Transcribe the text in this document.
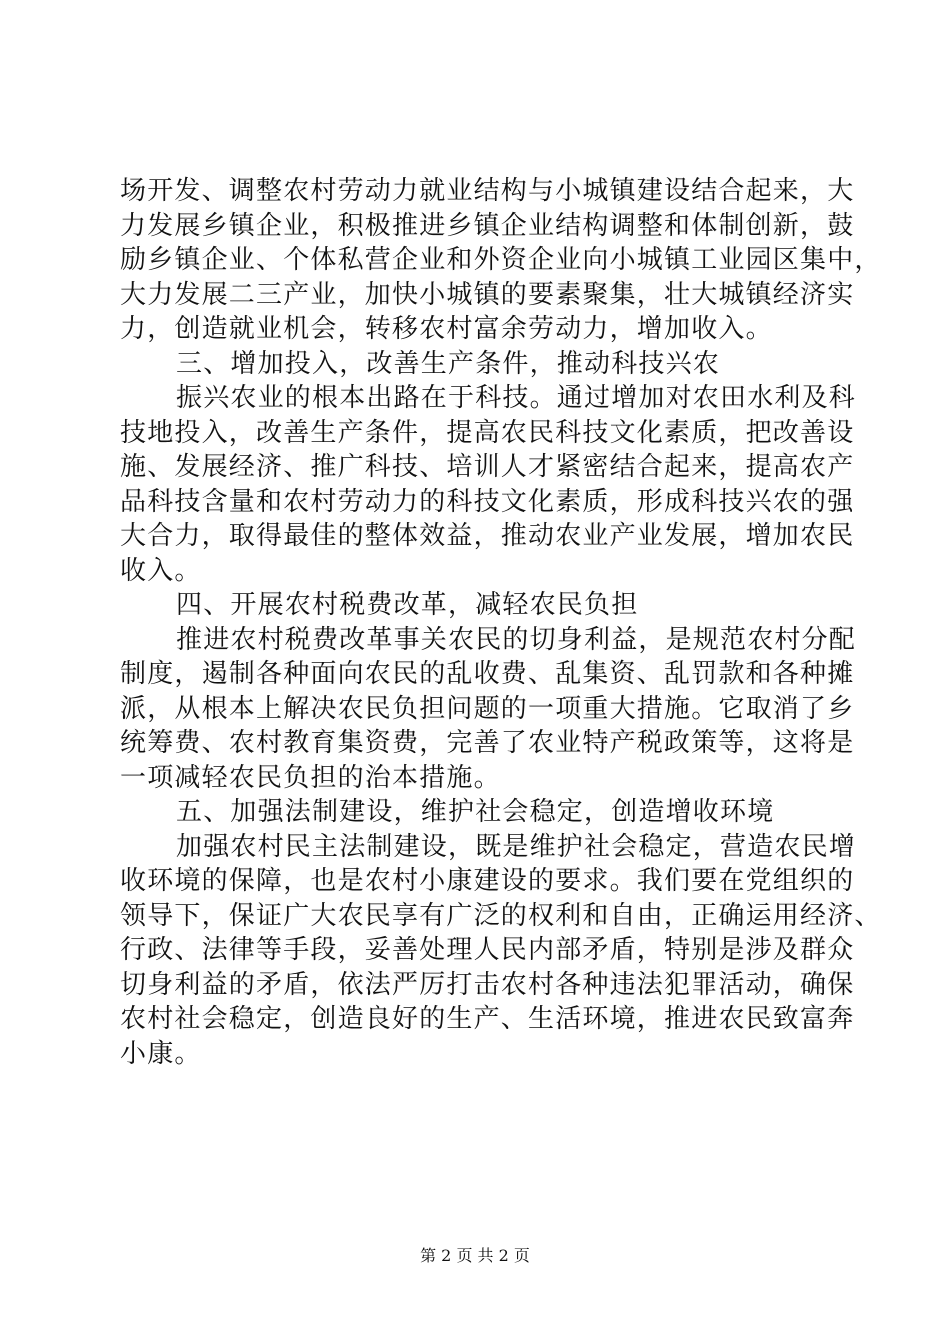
场开发、调整农村劳动力就业结构与小城镇建设结合起来，大
力发展乡镇企业，积极推进乡镇企业结构调整和体制创新，鼓
励乡镇企业、个体私营企业和外资企业向小城镇工业园区集中，
大力发展二三产业，加快小城镇的要素聚集，壮大城镇经济实
力，创造就业机会，转移农村富余劳动力，增加收入。
三、增加投入，改善生产条件，推动科技兴农
振兴农业的根本出路在于科技。通过增加对农田水利及科
技地投入，改善生产条件，提高农民科技文化素质，把改善设
施、发展经济、推广科技、培训人才紧密结合起来，提高农产
品科技含量和农村劳动力的科技文化素质，形成科技兴农的强
大合力，取得最佳的整体效益，推动农业产业发展，增加农民
收入。
四、开展农村税费改革，减轻农民负担
推进农村税费改革事关农民的切身利益，是规范农村分配
制度，遏制各种面向农民的乱收费、乱集资、乱罚款和各种摊
派，从根本上解决农民负担问题的一项重大措施。它取消了乡
统筹费、农村教育集资费，完善了农业特产税政策等，这将是
一项减轻农民负担的治本措施。
五、加强法制建设，维护社会稳定，创造增收环境
加强农村民主法制建设，既是维护社会稳定，营造农民增
收环境的保障，也是农村小康建设的要求。我们要在党组织的
领导下，保证广大农民享有广泛的权利和自由，正确运用经济、
行政、法律等手段，妥善处理人民内部矛盾，特别是涉及群众
切身利益的矛盾，依法严厉打击农村各种违法犯罪活动，确保
农村社会稳定，创造良好的生产、生活环境，推进农民致富奔
小康。
第 2 页 共 2 页
